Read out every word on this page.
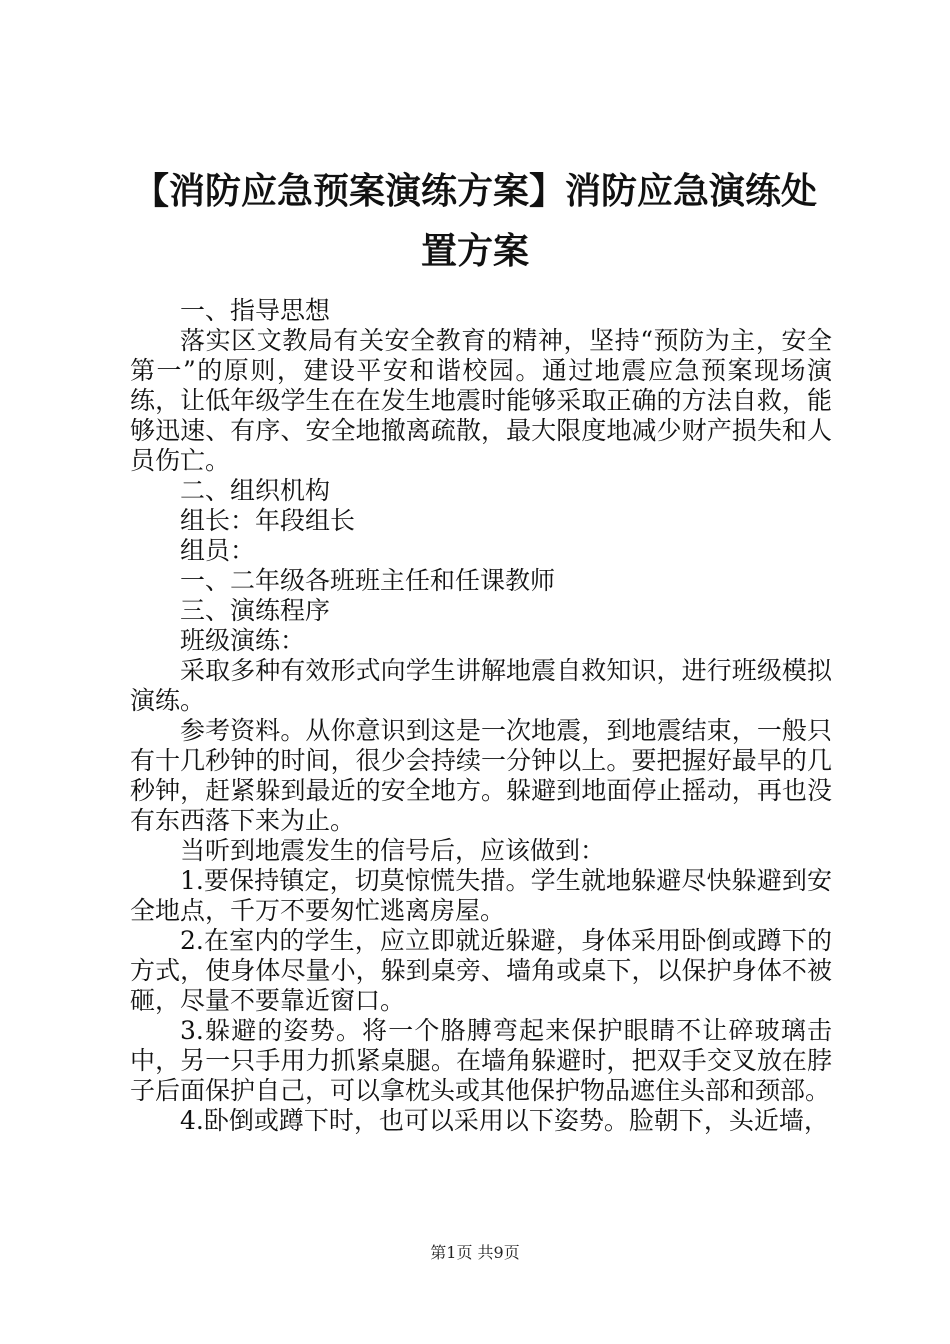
【消防应急预案演练方案】消防应急演练处置方案

一、指导思想

落实区文教局有关安全教育的精神，坚持“预防为主，安全第一”的原则，建设平安和谐校园。通过地震应急预案现场演练，让低年级学生在在发生地震时能够采取正确的方法自救，能够迅速、有序、安全地撤离疏散，最大限度地减少财产损失和人员伤亡。

二、组织机构

组长：年段组长

组员：

一、二年级各班班主任和任课教师

三、演练程序

班级演练：

采取多种有效形式向学生讲解地震自救知识，进行班级模拟演练。

参考资料。从你意识到这是一次地震，到地震结束，一般只有十几秒钟的时间，很少会持续一分钟以上。要把握好最早的几秒钟，赶紧躲到最近的安全地方。躲避到地面停止摇动，再也没有东西落下来为止。

当听到地震发生的信号后，应该做到：

1.要保持镇定，切莫惊慌失措。学生就地躲避尽快躲避到安全地点，千万不要匆忙逃离房屋。

2.在室内的学生，应立即就近躲避，身体采用卧倒或蹲下的方式，使身体尽量小，躲到桌旁、墙角或桌下，以保护身体不被砸，尽量不要靠近窗口。

3.躲避的姿势。将一个胳膊弯起来保护眼睛不让碎玻璃击中，另一只手用力抓紧桌腿。在墙角躲避时，把双手交叉放在脖子后面保护自己，可以拿枕头或其他保护物品遮住头部和颈部。

4.卧倒或蹲下时，也可以采用以下姿势。脸朝下，头近墙，

第1页 共9页
